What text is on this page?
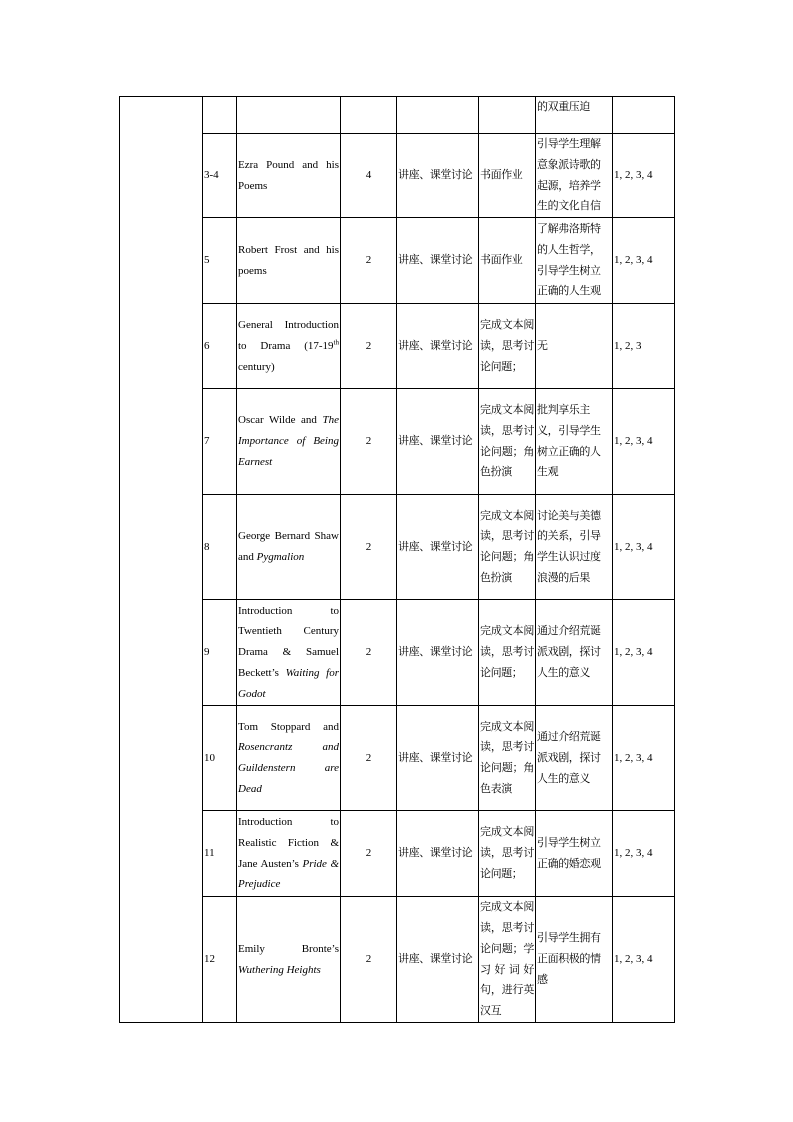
						的双重压迫	
	3-4	Ezra Pound and his Poems	4	讲座、课堂讨论	书面作业	引导学生理解意象派诗歌的起源，培养学生的文化自信	1, 2, 3, 4
	5	Robert Frost and his poems	2	讲座、课堂讨论	书面作业	了解弗洛斯特的人生哲学，引导学生树立正确的人生观	1, 2, 3, 4
	6	General Introduction to Drama (17-19th century)	2	讲座、课堂讨论	完成文本阅读，思考讨论问题；	无	1, 2, 3
	7	Oscar Wilde and The Importance of Being Earnest	2	讲座、课堂讨论	完成文本阅读，思考讨论问题；角色扮演	批判享乐主义，引导学生树立正确的人生观	1, 2, 3, 4
	8	George Bernard Shaw and Pygmalion	2	讲座、课堂讨论	完成文本阅读，思考讨论问题；角色扮演	讨论美与美德的关系，引导学生认识过度浪漫的后果	1, 2, 3, 4
	9	Introduction to Twentieth Century Drama & Samuel Beckett’s Waiting for Godot	2	讲座、课堂讨论	完成文本阅读，思考讨论问题；	通过介绍荒诞派戏剧，探讨人生的意义	1, 2, 3, 4
	10	Tom Stoppard and Rosencrantz and Guildenstern are Dead	2	讲座、课堂讨论	完成文本阅读，思考讨论问题；角色表演	通过介绍荒诞派戏剧，探讨人生的意义	1, 2, 3, 4
	11	Introduction to Realistic Fiction & Jane Austen’s Pride & Prejudice	2	讲座、课堂讨论	完成文本阅读，思考讨论问题；	引导学生树立正确的婚恋观	1, 2, 3, 4
	12	Emily Bronte’s Wuthering Heights	2	讲座、课堂讨论	完成文本阅读，思考讨论问题；学习好词好句，进行英汉互	引导学生拥有正面积极的情感	1, 2, 3, 4
